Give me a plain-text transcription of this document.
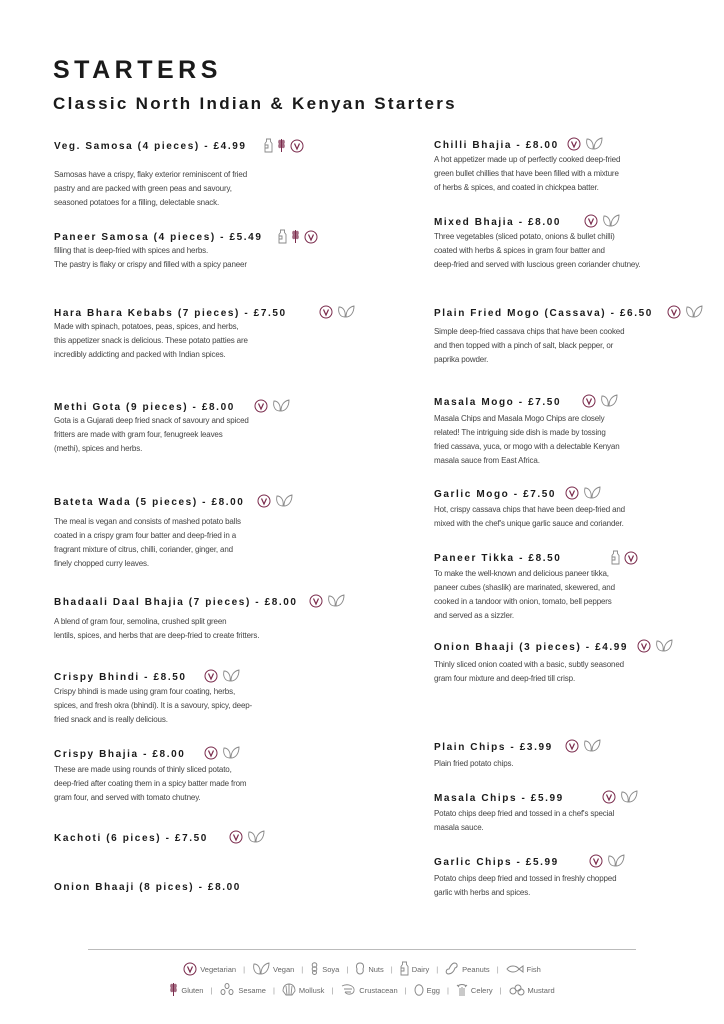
STARTERS
Classic North Indian & Kenyan Starters
Veg. Samosa (4 pieces) - £4.99
Samosas have a crispy, flaky exterior reminiscent of fried
pastry and are packed with green peas and savoury,
seasoned potatoes for a filling, delectable snack.
Paneer Samosa (4 pieces) - £5.49
filling that is deep-fried with spices and herbs.
The pastry is flaky or crispy and filled with a spicy paneer
Hara Bhara Kebabs (7 pieces) - £7.50
Made with spinach, potatoes, peas, spices, and herbs,
this appetizer snack is delicious. These potato patties are
incredibly addicting and packed with Indian spices.
Methi Gota (9 pieces) - £8.00
Gota is a Gujarati deep fried snack of savoury and spiced
fritters are made with gram four, fenugreek leaves
(methi), spices and herbs.
Bateta Wada (5 pieces) - £8.00
The meal is vegan and consists of mashed potato balls
coated in a crispy gram four batter and deep-fried in a
fragrant mixture of citrus, chilli, coriander, ginger, and
finely chopped curry leaves.
Bhadaali Daal Bhajia (7 pieces) - £8.00
A blend of gram four, semolina, crushed split green
lentils, spices, and herbs that are deep-fried to create fritters.
Crispy Bhindi - £8.50
Crispy bhindi is made using gram four coating, herbs,
spices, and fresh okra (bhindi). It is a savoury, spicy, deep-
fried snack and is really delicious.
Crispy Bhajia - £8.00
These are made using rounds of thinly sliced potato,
deep-fried after coating them in a spicy batter made from
gram four, and served with tomato chutney.
Kachoti (6 pices) - £7.50
Onion Bhaaji (8 pices) - £8.00
Chilli Bhajia - £8.00
A hot appetizer made up of perfectly cooked deep-fried
green bullet chillies that have been filled with a mixture
of herbs & spices, and coated in chickpea batter.
Mixed Bhajia - £8.00
Three vegetables (sliced potato, onions & bullet chilli)
coated with herbs & spices in gram four batter and
deep-fried and served with luscious green coriander chutney.
Plain Fried Mogo (Cassava) - £6.50
Simple deep-fried cassava chips that have been cooked
and then topped with a pinch of salt, black pepper, or
paprika powder.
Masala Mogo - £7.50
Masala Chips and Masala Mogo Chips are closely
related! The intriguing side dish is made by tossing
fried cassava, yuca, or mogo with a delectable Kenyan
masala sauce from East Africa.
Garlic Mogo - £7.50
Hot, crispy cassava chips that have been deep-fried and
mixed with the chef's unique garlic sauce and coriander.
Paneer Tikka - £8.50
To make the well-known and delicious paneer tikka,
paneer cubes (shaslik) are marinated, skewered, and
cooked in a tandoor with onion, tomato, bell peppers
and served as a sizzler.
Onion Bhaaji (3 pieces) - £4.99
Thinly sliced onion coated with a basic, subtly seasoned
gram four mixture and deep-fried till crisp.
Plain Chips - £3.99
Plain fried potato chips.
Masala Chips - £5.99
Potato chips deep fried and tossed in a chef's special
masala sauce.
Garlic Chips - £5.99
Potato chips deep fried and tossed in freshly chopped
garlic with herbs and spices.
Vegetarian |	Vegan |	Soya |	Nuts |	Dairy |	Peanuts |	Fish
Gluten |	Sesame |	Mollusk |	Crustacean |	Egg |	Celery |	Mustard
